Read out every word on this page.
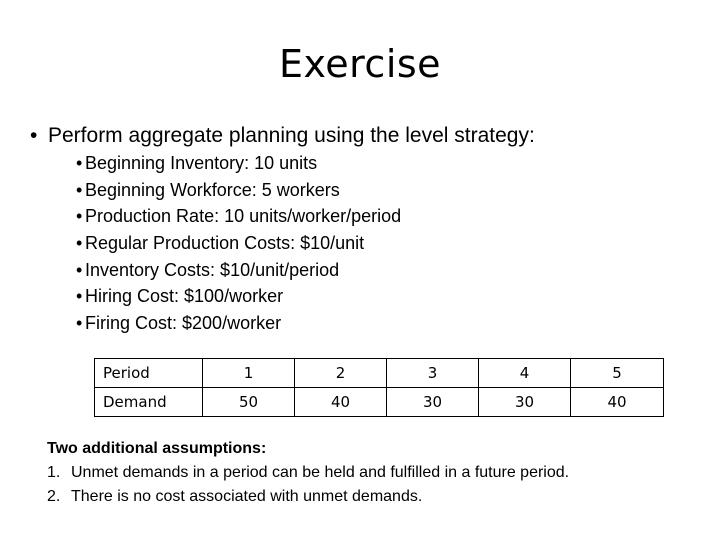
Exercise
• Perform aggregate planning using the level strategy:
• Beginning Inventory: 10 units
• Beginning Workforce: 5 workers
• Production Rate: 10 units/worker/period
• Regular Production Costs: $10/unit
• Inventory Costs: $10/unit/period
• Hiring Cost: $100/worker
• Firing Cost: $200/worker
Period	1	2	3	4	5
Demand	50	40	30	30	40
Two additional assumptions:
1. Unmet demands in a period can be held and fulfilled in a future period.
2. There is no cost associated with unmet demands.
